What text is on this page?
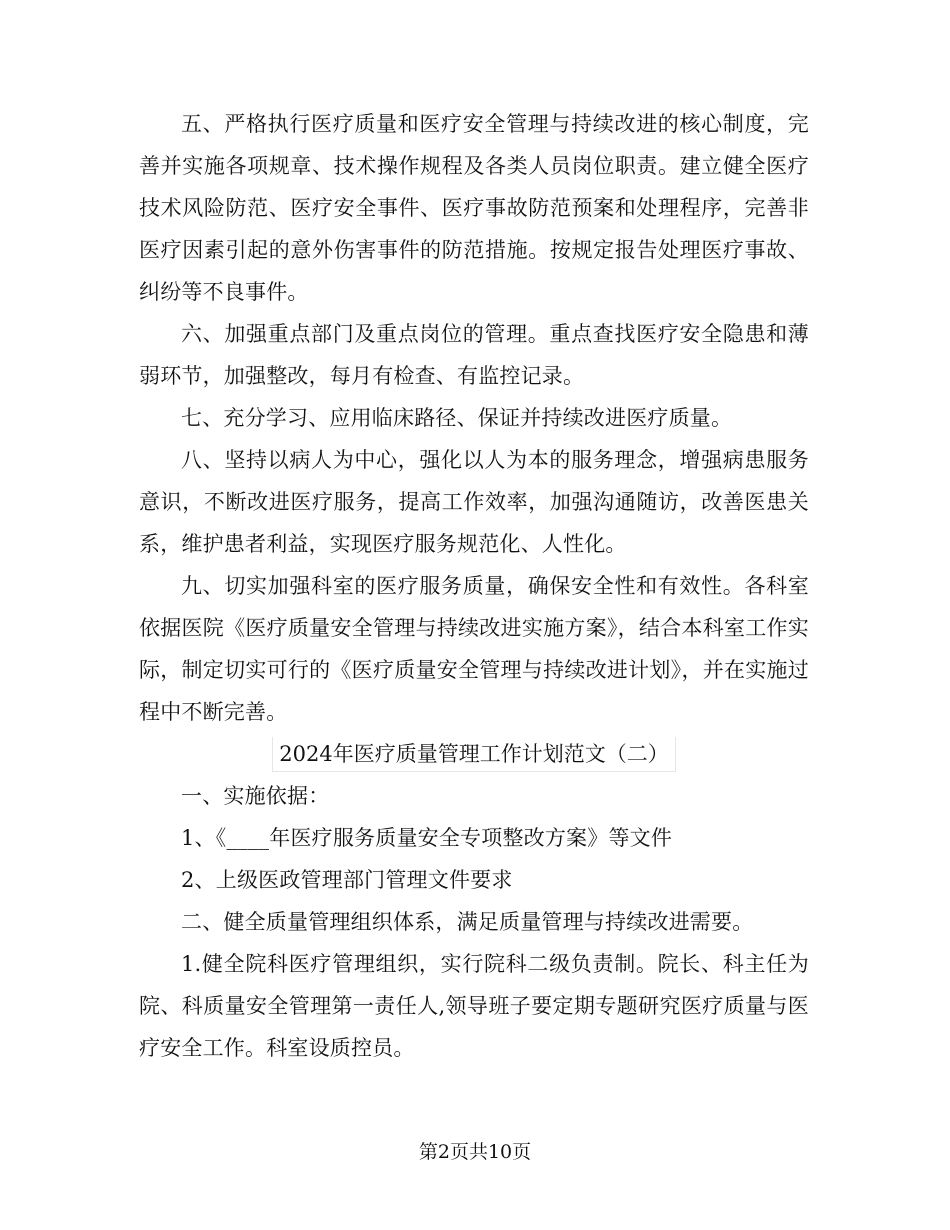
五、严格执行医疗质量和医疗安全管理与持续改进的核心制度，完善并实施各项规章、技术操作规程及各类人员岗位职责。建立健全医疗技术风险防范、医疗安全事件、医疗事故防范预案和处理程序，完善非医疗因素引起的意外伤害事件的防范措施。按规定报告处理医疗事故、纠纷等不良事件。

六、加强重点部门及重点岗位的管理。重点查找医疗安全隐患和薄弱环节，加强整改，每月有检查、有监控记录。

七、充分学习、应用临床路径、保证并持续改进医疗质量。

八、坚持以病人为中心，强化以人为本的服务理念，增强病患服务意识，不断改进医疗服务，提高工作效率，加强沟通随访，改善医患关系，维护患者利益，实现医疗服务规范化、人性化。

九、切实加强科室的医疗服务质量，确保安全性和有效性。各科室依据医院《医疗质量安全管理与持续改进实施方案》，结合本科室工作实际，制定切实可行的《医疗质量安全管理与持续改进计划》，并在实施过程中不断完善。

2024年医疗质量管理工作计划范文（二）

一、实施依据：

1、《____年医疗服务质量安全专项整改方案》等文件

2、上级医政管理部门管理文件要求

二、健全质量管理组织体系，满足质量管理与持续改进需要。

1.健全院科医疗管理组织，实行院科二级负责制。院长、科主任为院、科质量安全管理第一责任人,领导班子要定期专题研究医疗质量与医疗安全工作。科室设质控员。

第2页共10页
